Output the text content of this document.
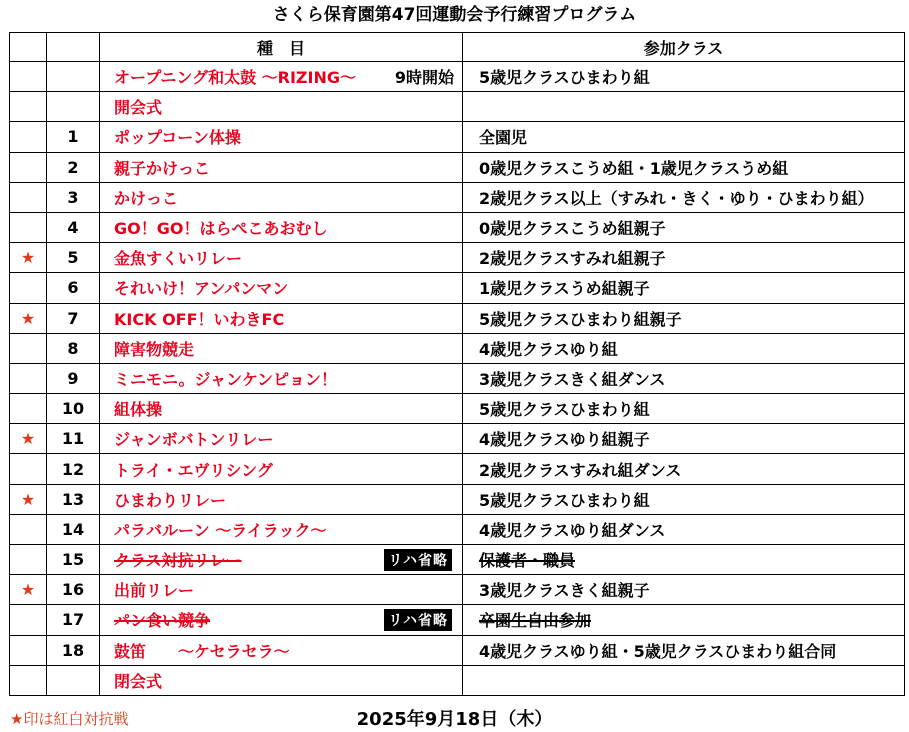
さくら保育園第47回運動会予行練習プログラム
		種　目	参加クラス

		オープニング和太鼓 ～RIZING～ 9時開始	5歳児クラスひまわり組

		開会式	

	1	ポップコーン体操	全園児
	2	親子かけっこ	0歳児クラスこうめ組・1歳児クラスうめ組
	3	かけっこ	2歳児クラス以上（すみれ・きく・ゆり・ひまわり組）
	4	GO！GO！はらぺこあおむし	0歳児クラスこうめ組親子
★	5	金魚すくいリレー	2歳児クラスすみれ組親子
	6	それいけ！アンパンマン	1歳児クラスうめ組親子
★	7	KICK OFF！いわきFC	5歳児クラスひまわり組親子
	8	障害物競走	4歳児クラスゆり組
	9	ミニモニ。ジャンケンピョン！	3歳児クラスきく組ダンス
	10	組体操	5歳児クラスひまわり組
★	11	ジャンボバトンリレー	4歳児クラスゆり組親子
	12	トライ・エヴリシング	2歳児クラスすみれ組ダンス
★	13	ひまわりリレー	5歳児クラスひまわり組
	14	パラバルーン ～ライラック～	4歳児クラスゆり組ダンス
	15	クラス対抗リレー リハ省略	保護者・職員
★	16	出前リレー	3歳児クラスきく組親子
	17	パン食い競争 リハ省略	卒園生自由参加
	18	鼓笛　　～ケセラセラ～	4歳児クラスゆり組・5歳児クラスひまわり組合同

		閉会式	

★印は紅白対抗戦	2025年9月18日（木）
